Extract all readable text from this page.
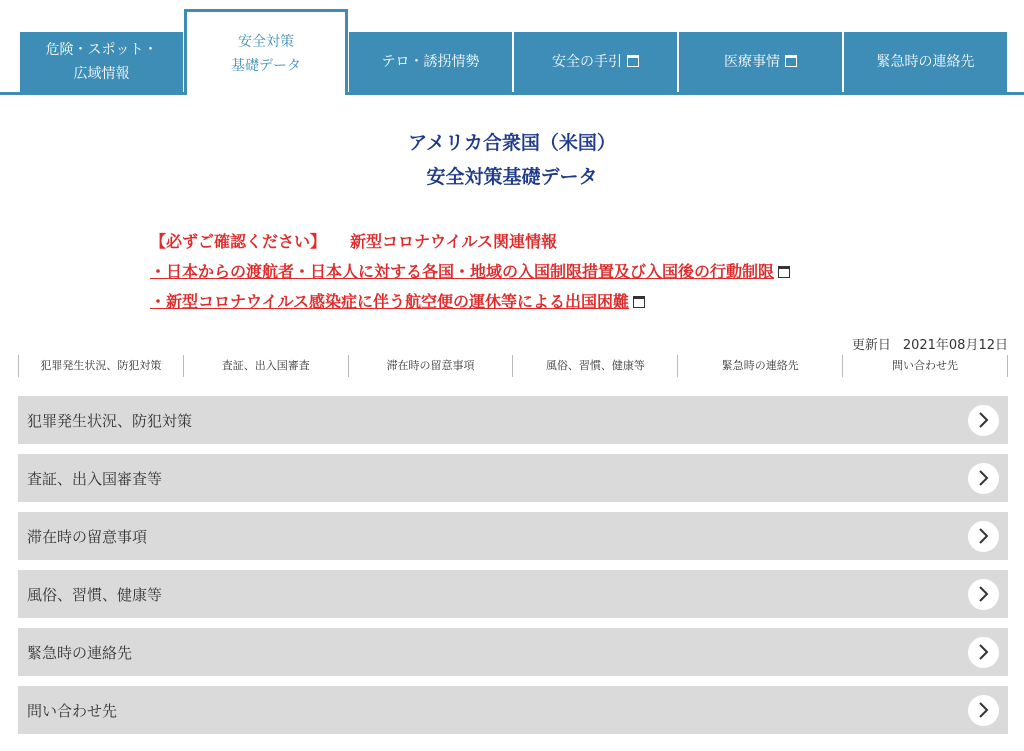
危険・スポット・
広域情報
安全対策
基礎データ	テロ・誘拐情勢	安全の手引	医療事情	緊急時の連絡先
アメリカ合衆国（米国）
安全対策基礎データ
【必ずご確認ください】 新型コロナウイルス関連情報
・日本からの渡航者・日本人に対する各国・地域の入国制限措置及び入国後の行動制限
・新型コロナウイルス感染症に伴う航空便の運休等による出国困難
更新日 2021年08月12日
犯罪発生状況、防犯対策	査証、出入国審査	滞在時の留意事項	風俗、習慣、健康等	緊急時の連絡先	問い合わせ先
犯罪発生状況、防犯対策
査証、出入国審査等
滞在時の留意事項
風俗、習慣、健康等
緊急時の連絡先
問い合わせ先
